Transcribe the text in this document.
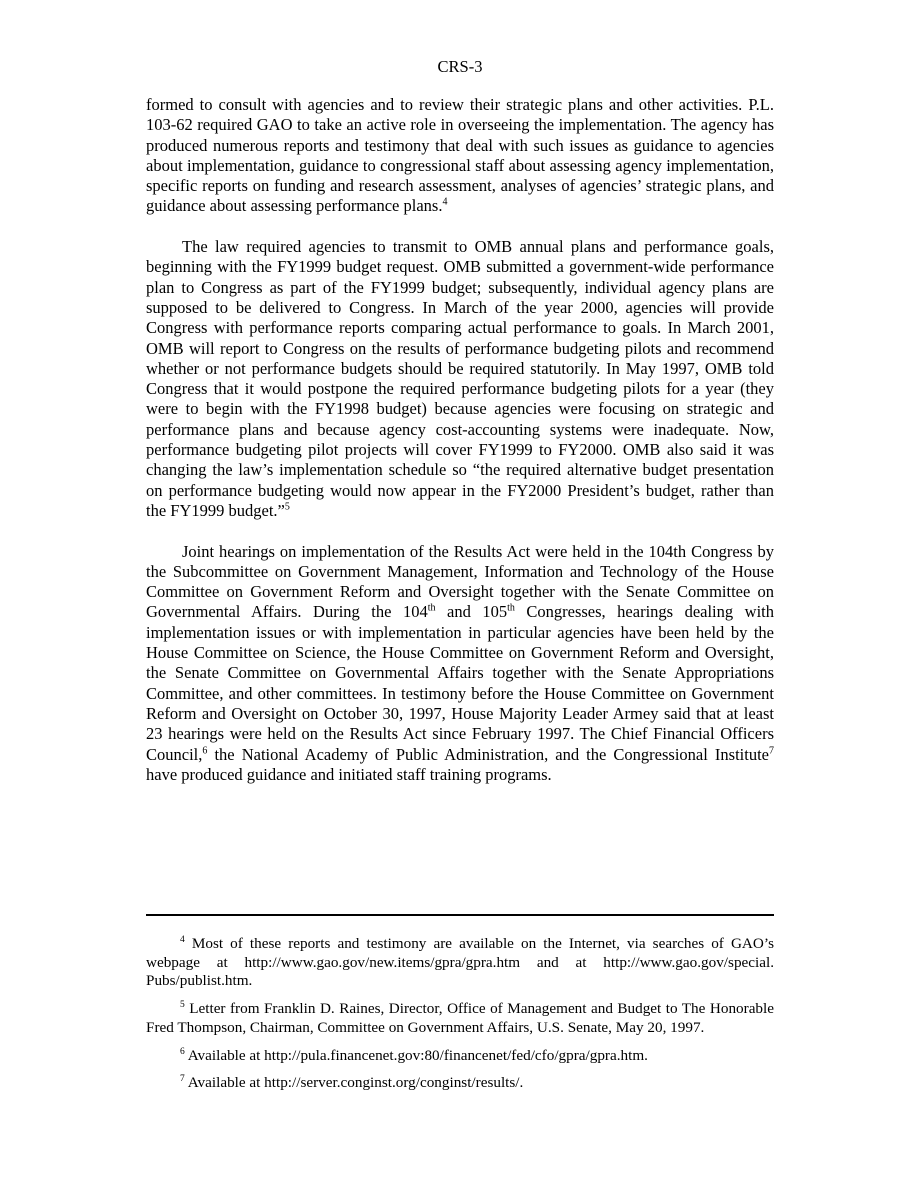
CRS-3

formed to consult with agencies and to review their strategic plans and other activities. P.L. 103-62 required GAO to take an active role in overseeing the implementation. The agency has produced numerous reports and testimony that deal with such issues as guidance to agencies about implementation, guidance to congressional staff about assessing agency implementation, specific reports on funding and research assessment, analyses of agencies’ strategic plans, and guidance about assessing performance plans.$^4$

The law required agencies to transmit to OMB annual plans and performance goals, beginning with the FY1999 budget request. OMB submitted a government-wide performance plan to Congress as part of the FY1999 budget; subsequently, individual agency plans are supposed to be delivered to Congress. In March of the year 2000, agencies will provide Congress with performance reports comparing actual performance to goals. In March 2001, OMB will report to Congress on the results of performance budgeting pilots and recommend whether or not performance budgets should be required statutorily. In May 1997, OMB told Congress that it would postpone the required performance budgeting pilots for a year (they were to begin with the FY1998 budget) because agencies were focusing on strategic and performance plans and because agency cost-accounting systems were inadequate. Now, performance budgeting pilot projects will cover FY1999 to FY2000. OMB also said it was changing the law’s implementation schedule so “the required alternative budget presentation on performance budgeting would now appear in the FY2000 President’s budget, rather than the FY1999 budget.”$^5$

Joint hearings on implementation of the Results Act were held in the 104th Congress by the Subcommittee on Government Management, Information and Technology of the House Committee on Government Reform and Oversight together with the Senate Committee on Governmental Affairs. During the 104th and 105th Congresses, hearings dealing with implementation issues or with implementation in particular agencies have been held by the House Committee on Science, the House Committee on Government Reform and Oversight, the Senate Committee on Governmental Affairs together with the Senate Appropriations Committee, and other committees. In testimony before the House Committee on Government Reform and Oversight on October 30, 1997, House Majority Leader Armey said that at least 23 hearings were held on the Results Act since February 1997. The Chief Financial Officers Council,$^6$ the National Academy of Public Administration, and the Congressional Institute$^7$ have produced guidance and initiated staff training programs.

$^4$ Most of these reports and testimony are available on the Internet, via searches of GAO’s webpage at http://www.gao.gov/new.items/gpra/gpra.htm and at http://www.gao.gov/special. Pubs/publist.htm.

$^5$ Letter from Franklin D. Raines, Director, Office of Management and Budget to The Honorable Fred Thompson, Chairman, Committee on Government Affairs, U.S. Senate, May 20, 1997.

$^6$ Available at http://pula.financenet.gov:80/financenet/fed/cfo/gpra/gpra.htm.

$^7$ Available at http://server.conginst.org/conginst/results/.
